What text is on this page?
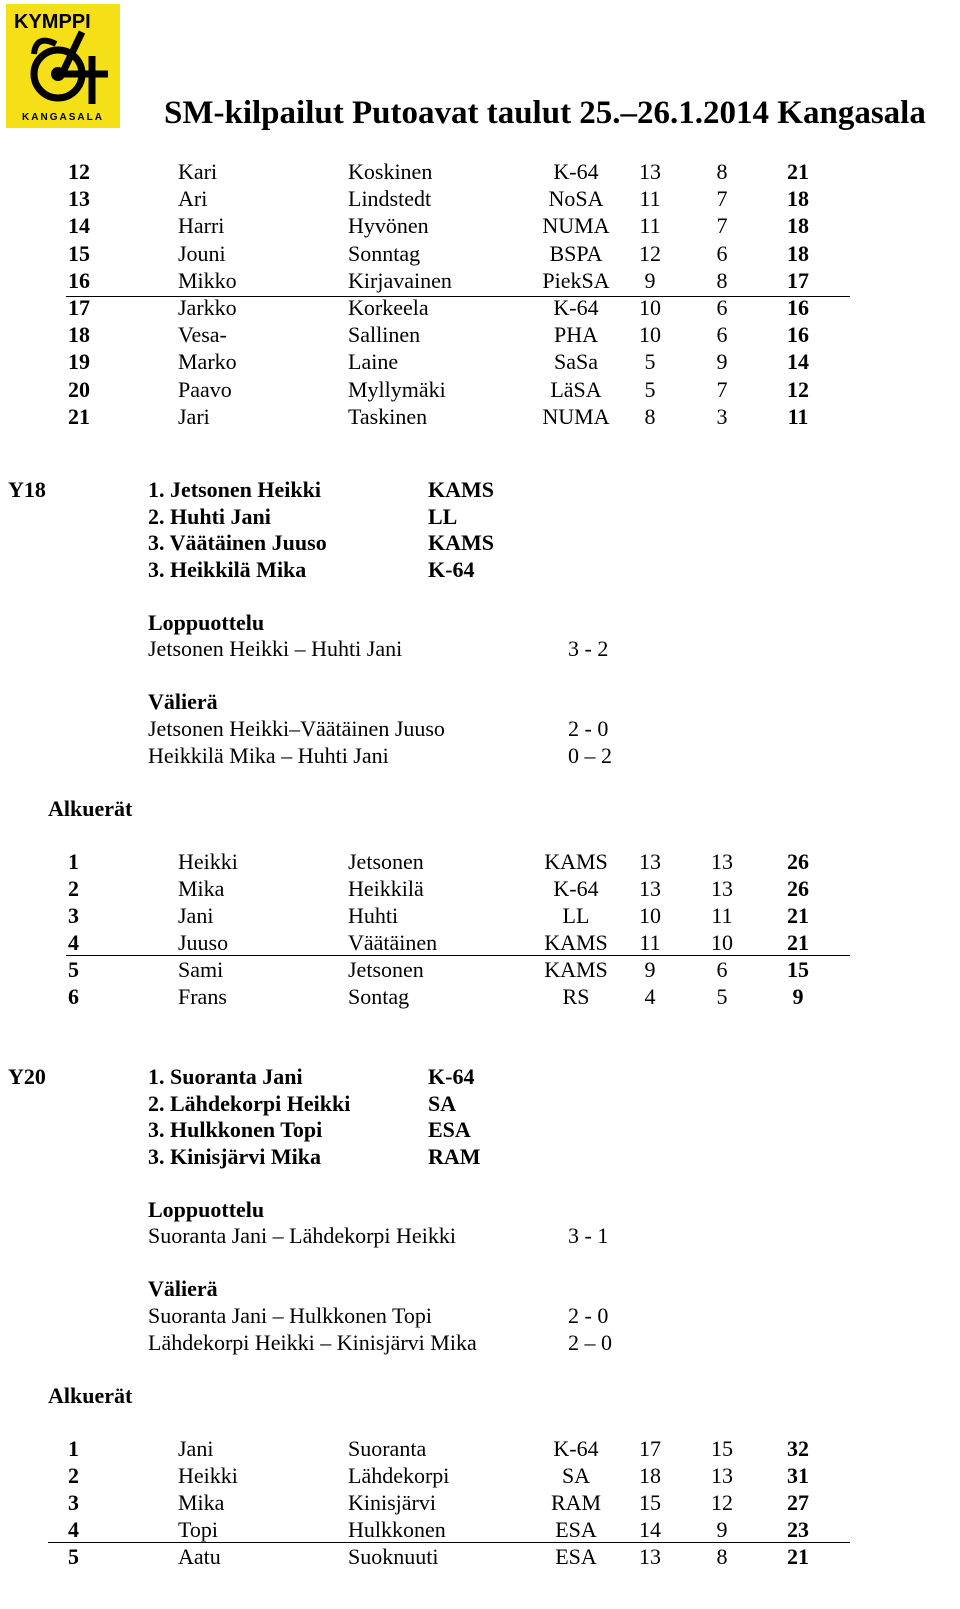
KYMPPI
KANGASALA SM-kilpailut Putoavat taulut 25.–26.1.2014 Kangasala
12	Kari	Koskinen	K-64	13	8	21
13	Ari	Lindstedt	NoSA	11	7	18
14	Harri	Hyvönen	NUMA	11	7	18
15	Jouni	Sonntag	BSPA	12	6	18
16	Mikko	Kirjavainen	PiekSA	9	8	17
17	Jarkko	Korkeela	K-64	10	6	16
18	Vesa-	Sallinen	PHA	10	6	16
19	Marko	Laine	SaSa	5	9	14
20	Paavo	Myllymäki	LäSA	5	7	12
21	Jari	Taskinen	NUMA	8	3	11
Y18	1. Jetsonen Heikki	KAMS
2. Huhti Jani	LL
3. Väätäinen Juuso	KAMS
3. Heikkilä Mika	K-64
Loppuottelu
Jetsonen Heikki – Huhti Jani	3 - 2
Välierä
Jetsonen Heikki–Väätäinen Juuso	2 - 0
Heikkilä Mika – Huhti Jani	0 – 2
Alkuerät
1	Heikki	Jetsonen	KAMS	13	13	26
2	Mika	Heikkilä	K-64	13	13	26
3	Jani	Huhti	LL	10	11	21
4	Juuso	Väätäinen	KAMS	11	10	21
5	Sami	Jetsonen	KAMS	9	6	15
6	Frans	Sontag	RS	4	5	9
Y20	1. Suoranta Jani	K-64
2. Lähdekorpi Heikki	SA
3. Hulkkonen Topi	ESA
3. Kinisjärvi Mika	RAM
Loppuottelu
Suoranta Jani – Lähdekorpi Heikki	3 - 1
Välierä
Suoranta Jani – Hulkkonen Topi	2 - 0
Lähdekorpi Heikki – Kinisjärvi Mika	2 – 0
Alkuerät
1	Jani	Suoranta	K-64	17	15	32
2	Heikki	Lähdekorpi	SA	18	13	31
3	Mika	Kinisjärvi	RAM	15	12	27
4	Topi	Hulkkonen	ESA	14	9	23
5	Aatu	Suoknuuti	ESA	13	8	21
